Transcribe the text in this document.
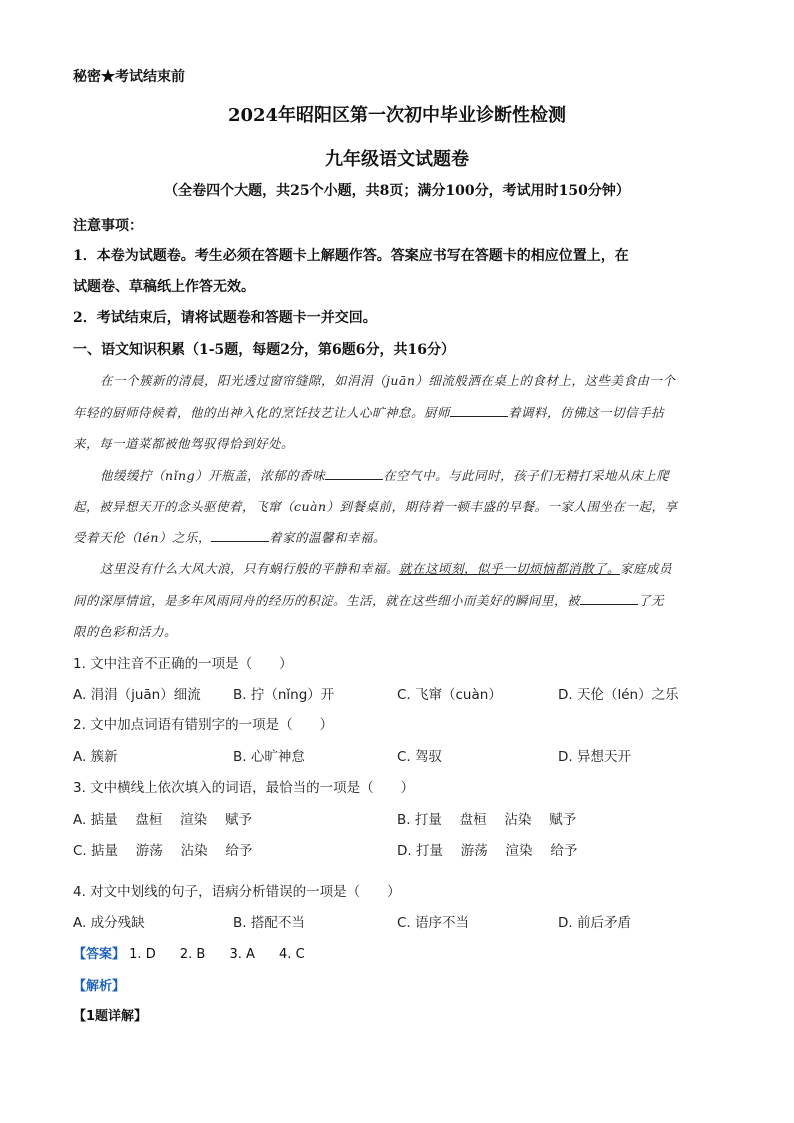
秘密★考试结束前
2024年昭阳区第一次初中毕业诊断性检测
九年级语文试题卷
（全卷四个大题，共25个小题，共8页；满分100分，考试用时150分钟）
注意事项：
1．本卷为试题卷。考生必须在答题卡上解题作答。答案应书写在答题卡的相应位置上，在
试题卷、草稿纸上作答无效。
2．考试结束后，请将试题卷和答题卡一并交回。
一、语文知识积累（1-5题，每题2分，第6题6分，共16分）
在一个簇新的清晨，阳光透过窗帘缝隙，如涓涓（juān）细流般洒在桌上的食材上，这些美食由一个
年轻的厨师侍候着，他的出神入化的烹饪技艺让人心旷神怠。厨师	着调料，仿佛这一切信手拈
来，每一道菜都被他驾驭得恰到好处。
他缓缓拧（nǐng）开瓶盖，浓郁的香味	在空气中。与此同时，孩子们无精打采地从床上爬
起，被异想天开的念头驱使着，飞窜（cuàn）到餐桌前，期待着一顿丰盛的早餐。一家人围坐在一起，享
受着天伦（lén）之乐，	着家的温馨和幸福。
这里没有什么大风大浪，只有蜗行般的平静和幸福。就在这顷刻，似乎一切烦恼都消散了。家庭成员
间的深厚情谊，是多年风雨同舟的经历的积淀。生活，就在这些细小而美好的瞬间里，被	了无
限的色彩和活力。
1. 文中注音不正确的一项是（　　）
A. 涓涓（juān）细流 B. 拧（nǐng）开	C. 飞窜（cuàn）	D. 天伦（lén）之乐
2. 文中加点词语有错别字的一项是（　　）
A. 簇新	B. 心旷神怠	C. 驾驭	D. 异想天开
3. 文中横线上依次填入的词语，最恰当的一项是（　　）
A. 掂量　 盘桓　 渲染　 赋予	B. 打量　 盘桓　 沾染　 赋予
C. 掂量　 游荡　 沾染　 给予	D. 打量　 游荡　 渲染　 给予
4. 对文中划线的句子，语病分析错误的一项是（　　）
A. 成分残缺	B. 搭配不当	C. 语序不当	D. 前后矛盾
【答案】 1. D 2. B 3. A 4. C
【解析】
【1题详解】
